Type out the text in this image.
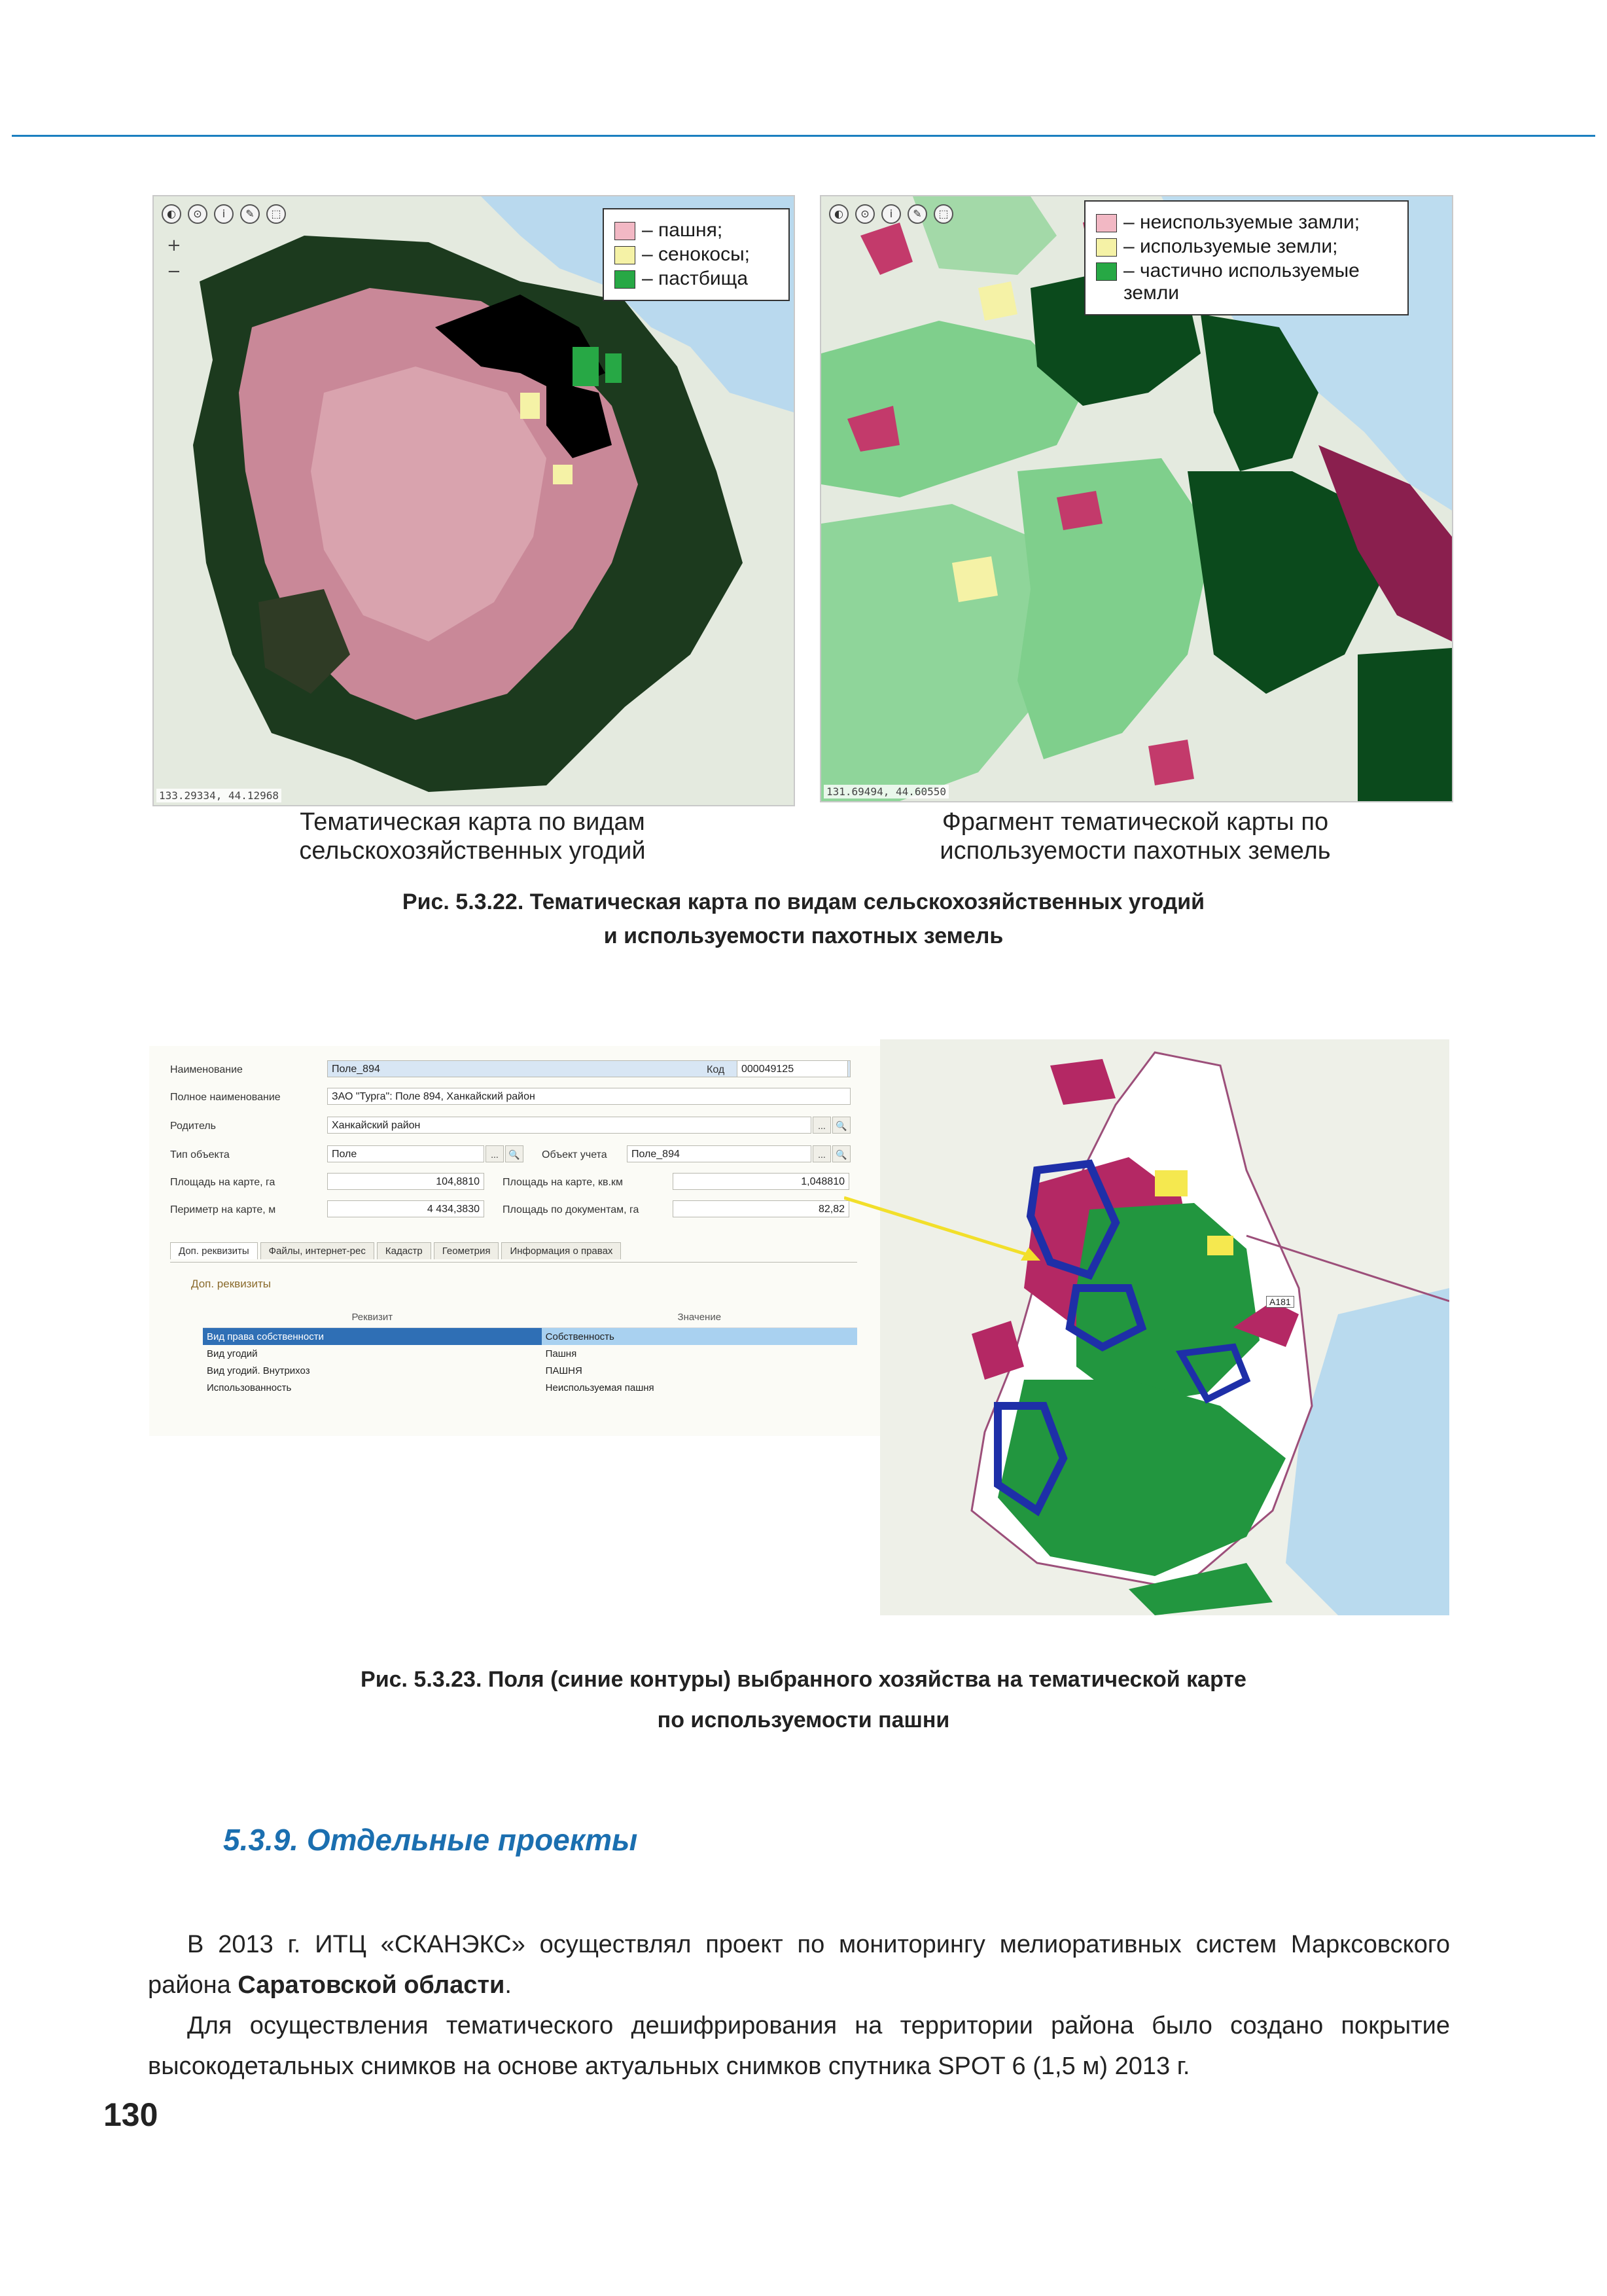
◐	⊙	i	✎	⬚
+
−
– пашня;
– сенокосы;
– пастбища
133.29334, 44.12968
◐	⊙	i	✎	⬚	– неиспользуемые замли;
– используемые земли;
– частично используемые земли
131.69494, 44.60550
Тематическая карта по видам
сельскохозяйственных угодий
Фрагмент тематической карты по
используемости пахотных земель
Рис. 5.3.22. Тематическая карта по видам сельскохозяйственных угодий
и используемости пахотных земель
Наименование	Поле_894	Код	000049125
Полное наименование	ЗАО "Турга": Поле 894, Ханкайский район
Родитель	Ханкайский район	...	🔍
Тип объекта	Поле	...	🔍	Объект учета	Поле_894	...	🔍
Площадь на карте, га	104,8810	Площадь на карте, кв.км	1,048810
Периметр на карте, м	4 434,3830	Площадь по документам, га	82,82
Доп. реквизиты	Файлы, интернет-рес	Кадастр	Геометрия	Информация о правах
Доп. реквизиты
Реквизит	Значение
Вид права собственности	Собственность
Вид угодий	Пашня
Вид угодий. Внутрихоз	ПАШНЯ
Использованность	Неиспользуемая пашня
А181
Рис. 5.3.23. Поля (синие контуры) выбранного хозяйства на тематической карте
по используемости пашни
5.3.9. Отдельные проекты
В 2013 г. ИТЦ «СКАНЭКС» осуществлял проект по мониторингу мелиоративных систем Марксовского района Саратовской области.
Для осуществления тематического дешифрирования на территории района было создано покрытие высокодетальных снимков на основе актуальных снимков спутника SPOT 6 (1,5 м) 2013 г.
130
